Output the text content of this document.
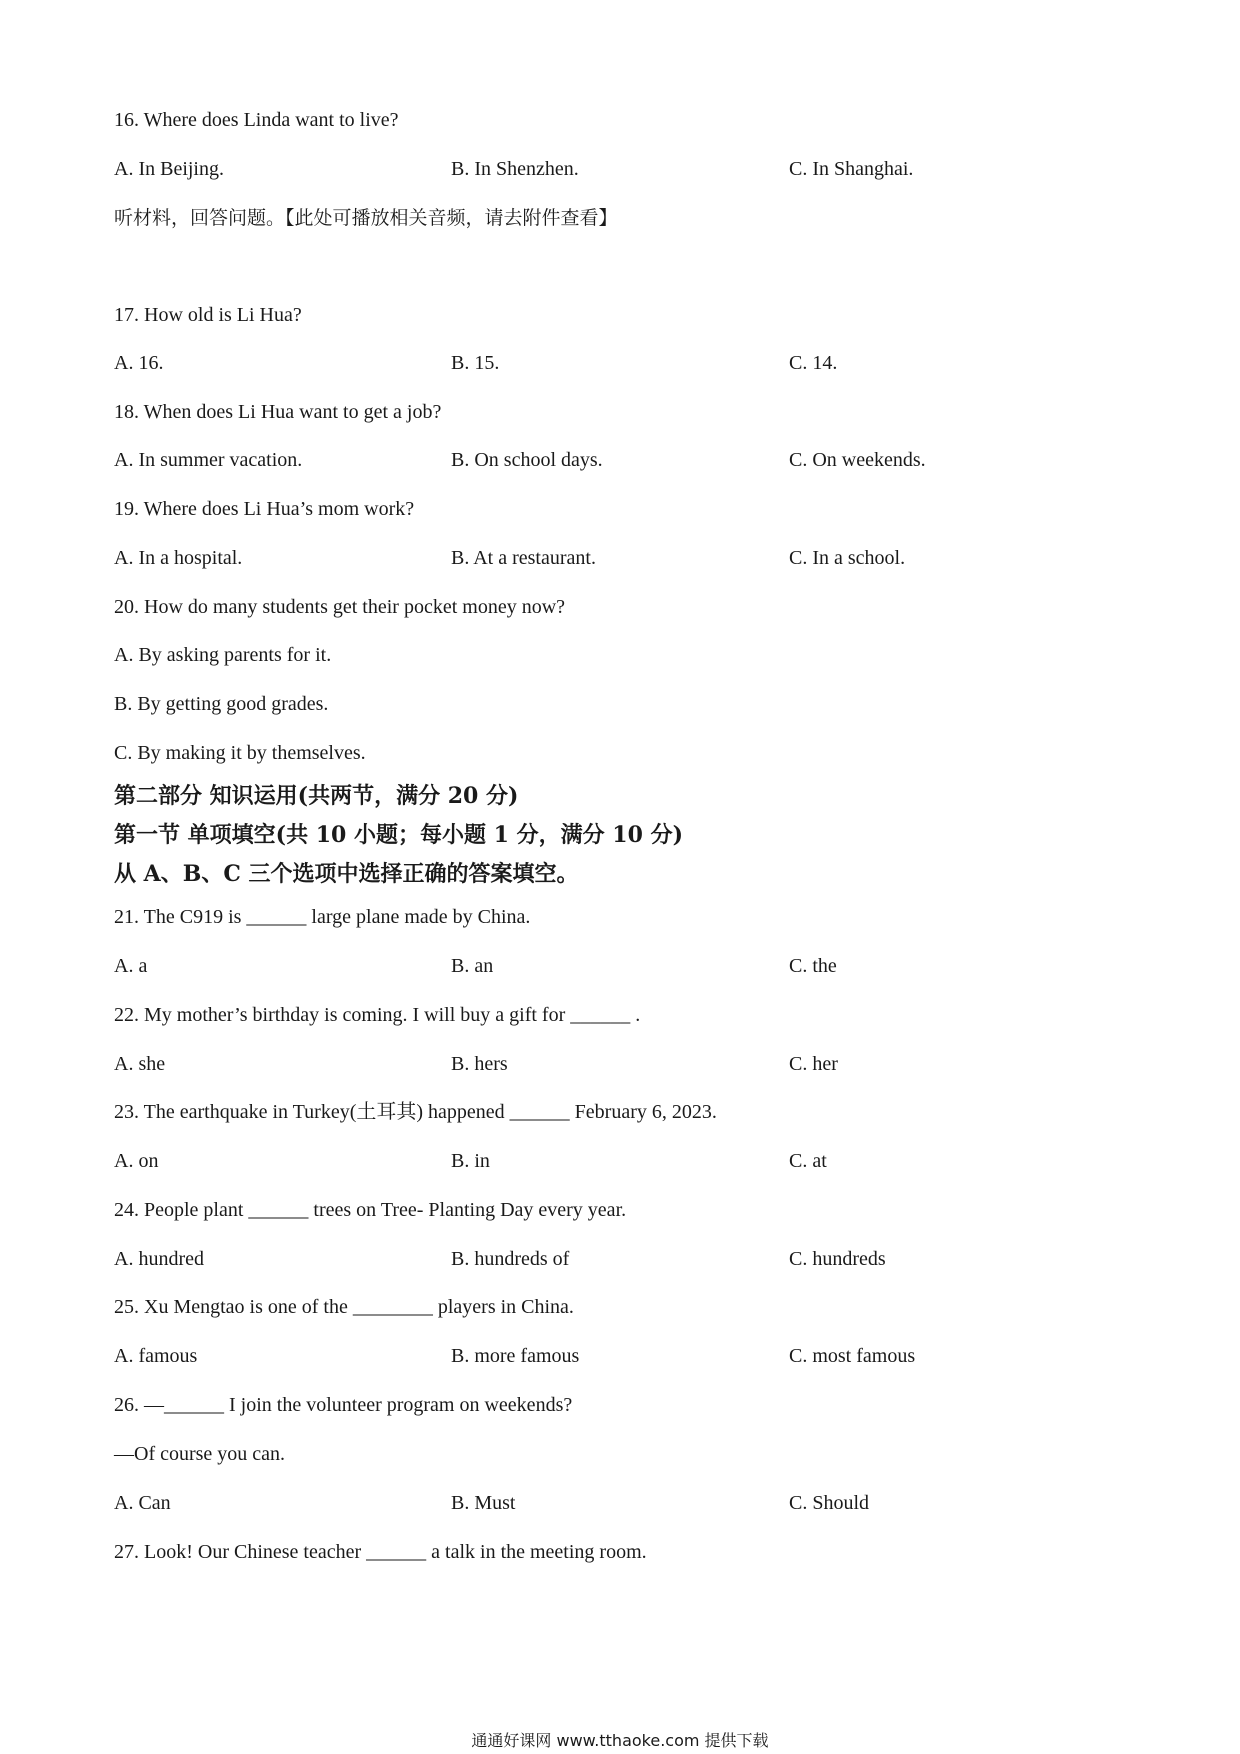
16. Where does Linda want to live?
A. In Beijing.	B. In Shenzhen.	C. In Shanghai.
听材料，回答问题。【此处可播放相关音频，请去附件查看】
17. How old is Li Hua?
A. 16.	B. 15.	C. 14.
18. When does Li Hua want to get a job?
A. In summer vacation.	B. On school days.	C. On weekends.
19. Where does Li Hua’s mom work?
A. In a hospital.	B. At a restaurant.	C. In a school.
20. How do many students get their pocket money now?
A. By asking parents for it.
B. By getting good grades.
C. By making it by themselves.
第二部分 知识运用(共两节，满分 20 分)
第一节 单项填空(共 10 小题；每小题 1 分，满分 10 分)
从 A、B、C 三个选项中选择正确的答案填空。
21. The C919 is ______ large plane made by China.
A. a	B. an	C. the
22. My mother’s birthday is coming. I will buy a gift for ______ .
A. she	B. hers	C. her
23. The earthquake in Turkey(土耳其) happened ______ February 6, 2023.
A. on	B. in	C. at
24. People plant ______ trees on Tree- Planting Day every year.
A. hundred	B. hundreds of	C. hundreds
25. Xu Mengtao is one of the ________ players in China.
A. famous	B. more famous	C. most famous
26. —______ I join the volunteer program on weekends?
—Of course you can.
A. Can	B. Must	C. Should
27. Look! Our Chinese teacher ______ a talk in the meeting room.
通通好课网 www.tthaoke.com 提供下载
